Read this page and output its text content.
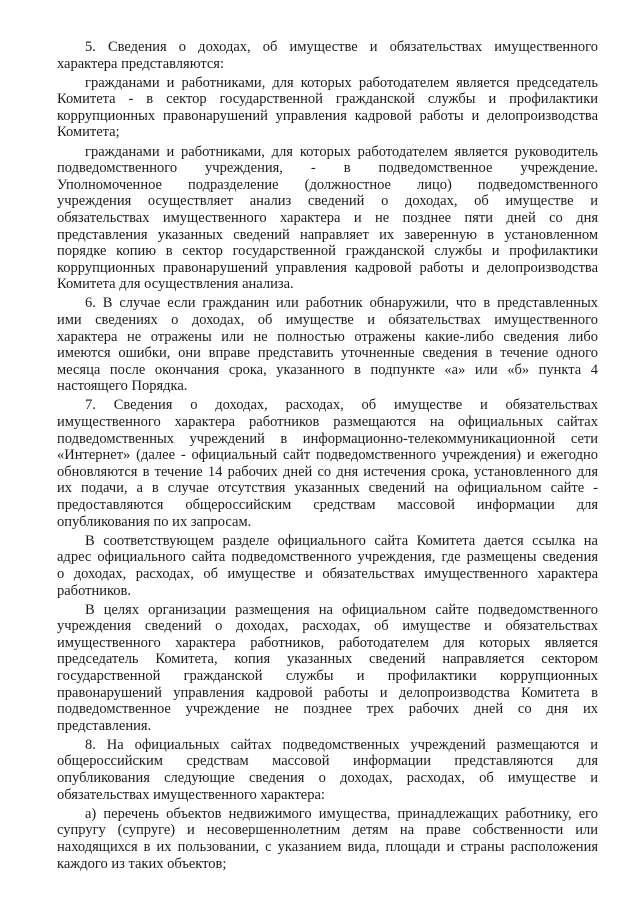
5. Сведения о доходах, об имуществе и обязательствах имущественного
характера представляются:
гражданами и работниками, для которых работодателем является председатель
Комитета - в сектор государственной гражданской службы и профилактики
коррупционных правонарушений управления кадровой работы и делопроизводства
Комитета;
гражданами и работниками, для которых работодателем является руководитель
подведомственного учреждения, - в подведомственное учреждение.
Уполномоченное подразделение (должностное лицо) подведомственного
учреждения осуществляет анализ сведений о доходах, об имуществе и
обязательствах имущественного характера и не позднее пяти дней со дня
представления указанных сведений направляет их заверенную в установленном
порядке копию в сектор государственной гражданской службы и профилактики
коррупционных правонарушений управления кадровой работы и делопроизводства
Комитета для осуществления анализа.
6. В случае если гражданин или работник обнаружили, что в представленных
ими сведениях о доходах, об имуществе и обязательствах имущественного
характера не отражены или не полностью отражены какие-либо сведения либо
имеются ошибки, они вправе представить уточненные сведения в течение одного
месяца после окончания срока, указанного в подпункте «а» или «б» пункта 4
настоящего Порядка.
7. Сведения о доходах, расходах, об имуществе и обязательствах
имущественного характера работников размещаются на официальных сайтах
подведомственных учреждений в информационно-телекоммуникационной сети
«Интернет» (далее - официальный сайт подведомственного учреждения) и ежегодно
обновляются в течение 14 рабочих дней со дня истечения срока, установленного для
их подачи, а в случае отсутствия указанных сведений на официальном сайте -
предоставляются общероссийским средствам массовой информации для
опубликования по их запросам.
В соответствующем разделе официального сайта Комитета дается ссылка на
адрес официального сайта подведомственного учреждения, где размещены сведения
о доходах, расходах, об имуществе и обязательствах имущественного характера
работников.
В целях организации размещения на официальном сайте подведомственного
учреждения сведений о доходах, расходах, об имуществе и обязательствах
имущественного характера работников, работодателем для которых является
председатель Комитета, копия указанных сведений направляется сектором
государственной гражданской службы и профилактики коррупционных
правонарушений управления кадровой работы и делопроизводства Комитета в
подведомственное учреждение не позднее трех рабочих дней со дня их
представления.
8. На официальных сайтах подведомственных учреждений размещаются и
общероссийским средствам массовой информации представляются для
опубликования следующие сведения о доходах, расходах, об имуществе и
обязательствах имущественного характера:
а) перечень объектов недвижимого имущества, принадлежащих работнику, его
супругу (супруге) и несовершеннолетним детям на праве собственности или
находящихся в их пользовании, с указанием вида, площади и страны расположения
каждого из таких объектов;
